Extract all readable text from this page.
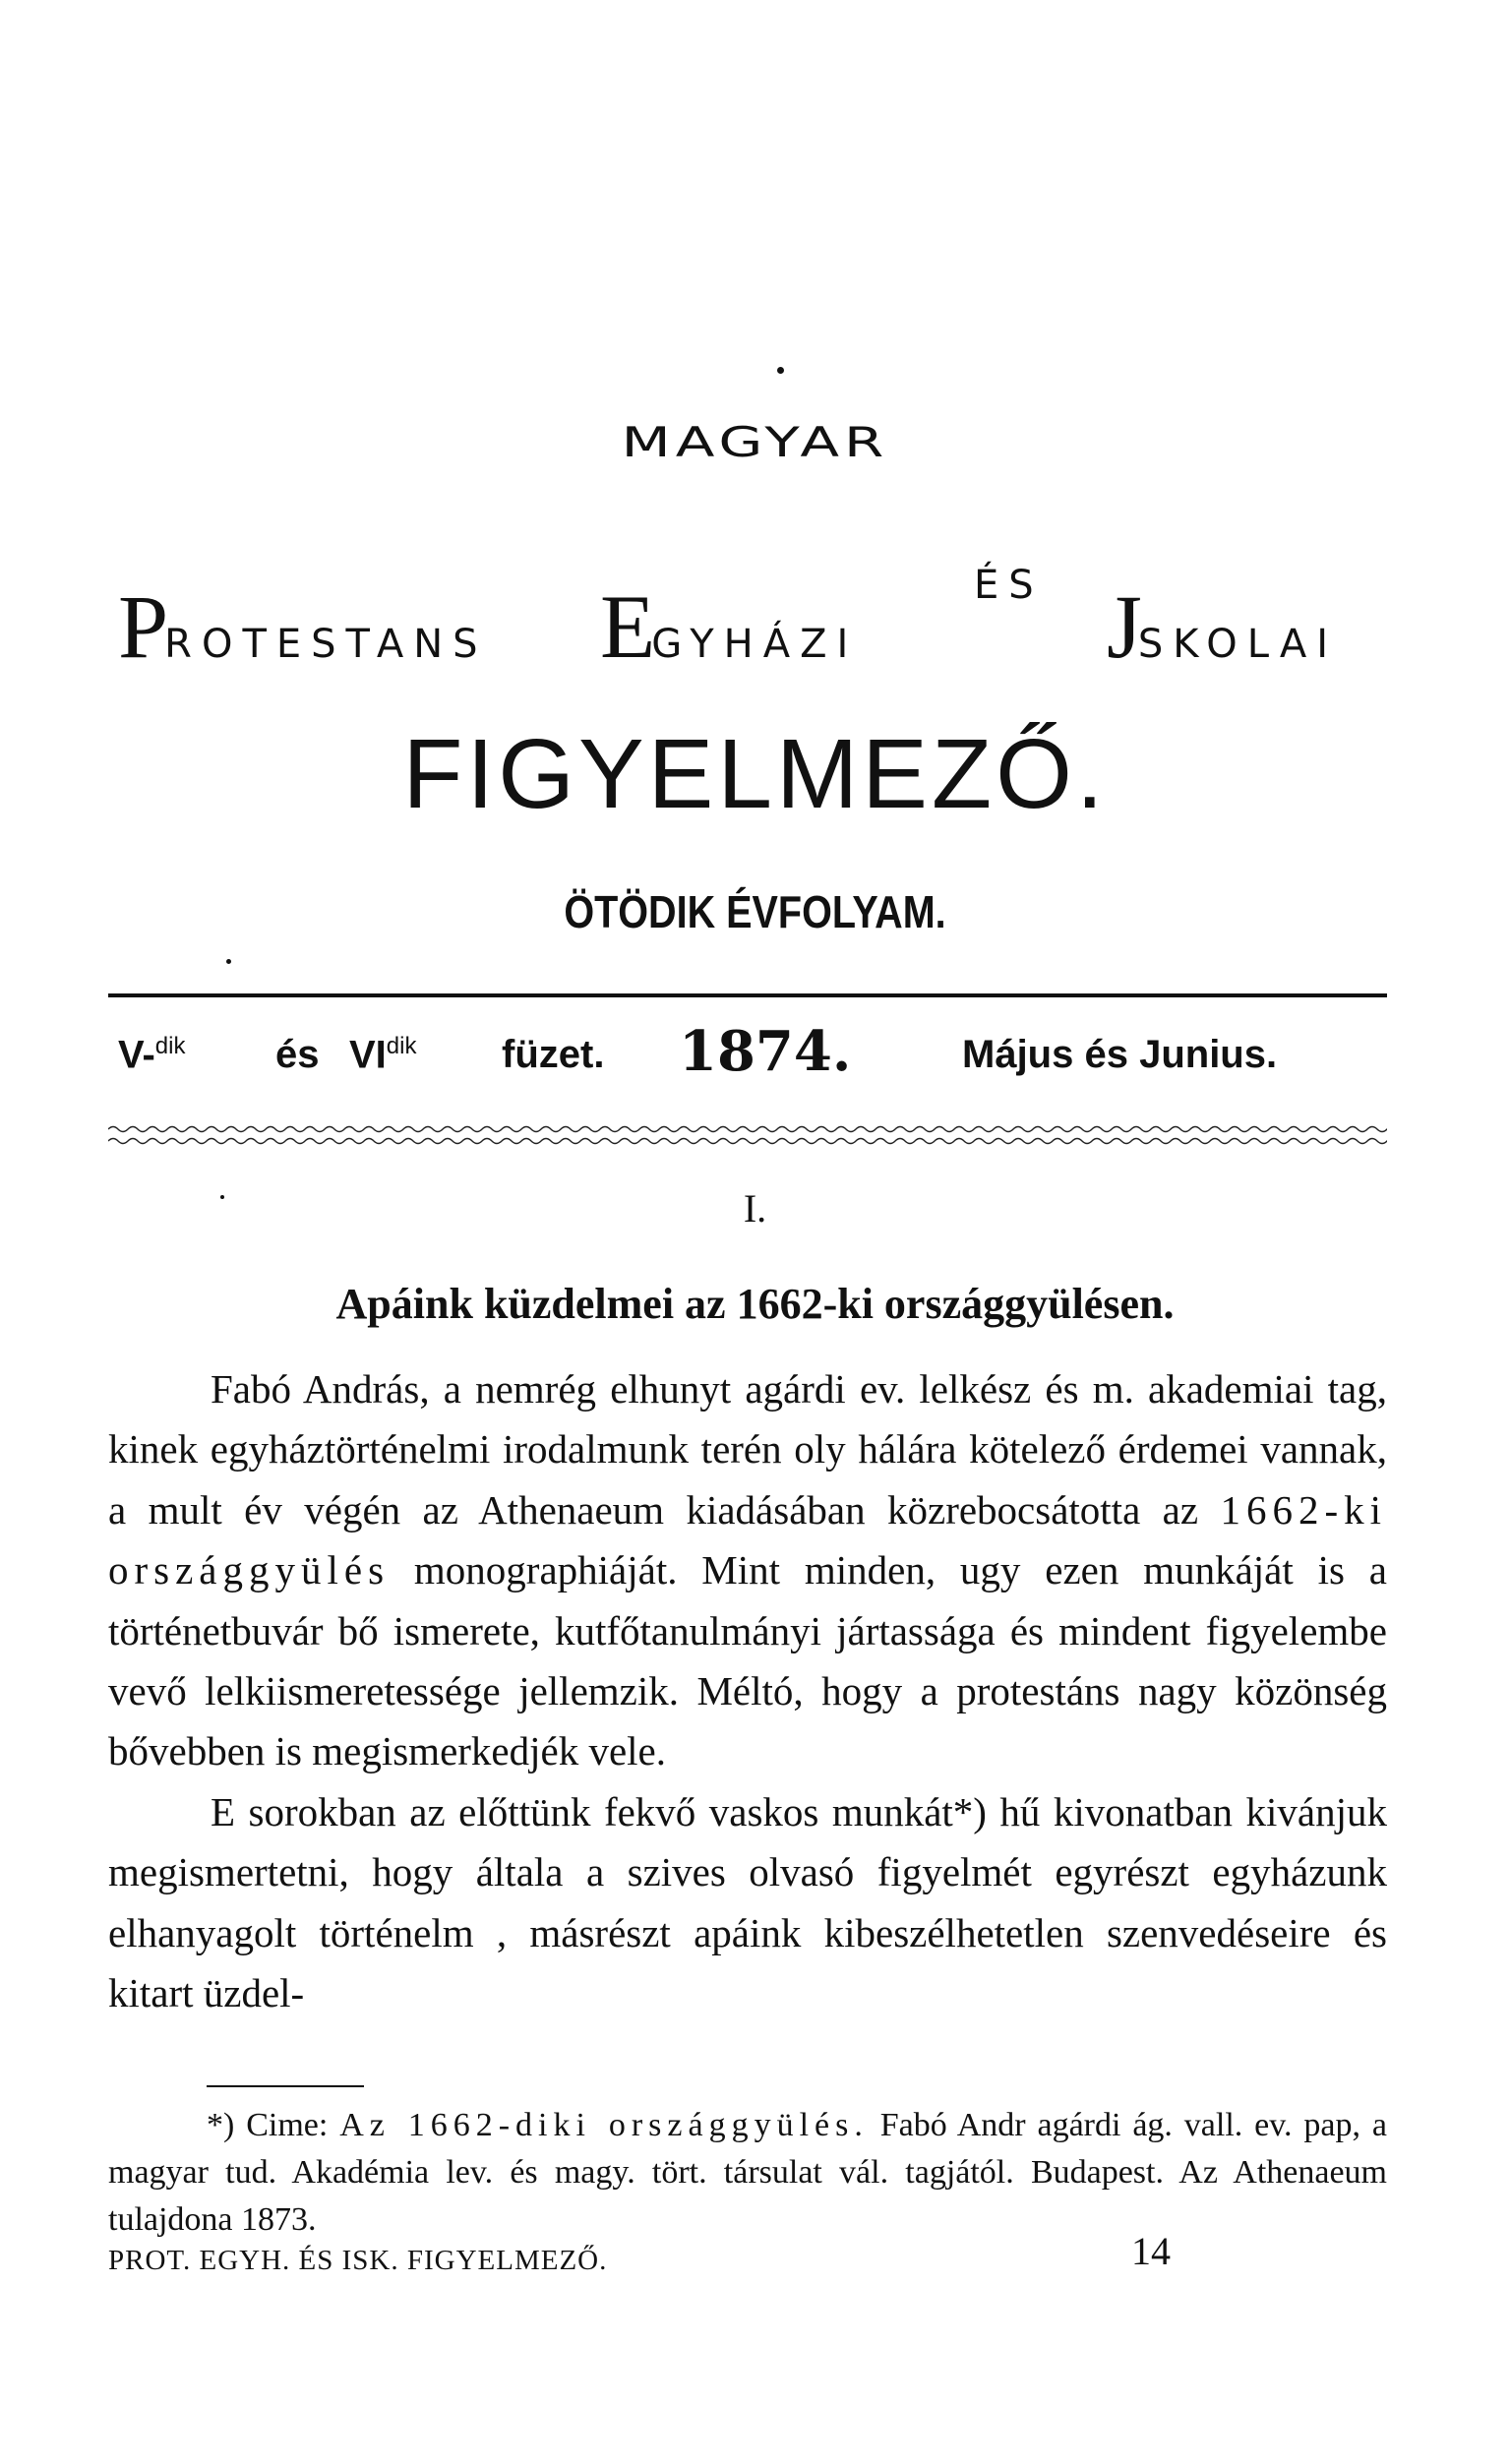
MAGYAR
PROTESTANS EGYHÁZI
ÉS JSKOLAI
FIGYELMEZŐ.
ÖTÖDIK ÉVFOLYAM.
V-$^{dik}$ és $VI^{dik}$ füzet. 1874.	Május és Junius.
I.
Apáink küzdelmei az 1662-ki országgyülésen.

Fabó András, a nemrég elhunyt agárdi ev. lelkész és m. akademiai tag, kinek egyháztörténelmi irodalmunk terén oly hálára kötelező érdemei vannak, a mult év végén az Athenaeum kiadásában közrebocsátotta az 1662-ki országgyülés monographiáját. Mint minden, ugy ezen munkáját is a történetbuvár bő ismerete, kutfőtanulmányi jártassága és mindent figyelembe vevő lelkiismeretessége jellemzik. Méltó, hogy a protestáns nagy közönség bővebben is megismerkedjék vele.

E sorokban az előttünk fekvő vaskos munkát*) hű kivonatban kivánjuk megismertetni, hogy általa a szives olvasó figyelmét egyrészt egyházunk elhanyagolt történelm , másrészt apáink kibeszélhetetlen szenvedéseire és kitart üzdel-

*) Cime: Az 1662-diki országgyülés. Fabó Andr agárdi ág. vall. ev. pap, a magyar tud. Akadémia lev. és magy. tört. társulat vál. tagjától. Budapest. Az Athenaeum tulajdona 1873.
PROT. EGYH. ÉS ISK. FIGYELMEZŐ.	14
